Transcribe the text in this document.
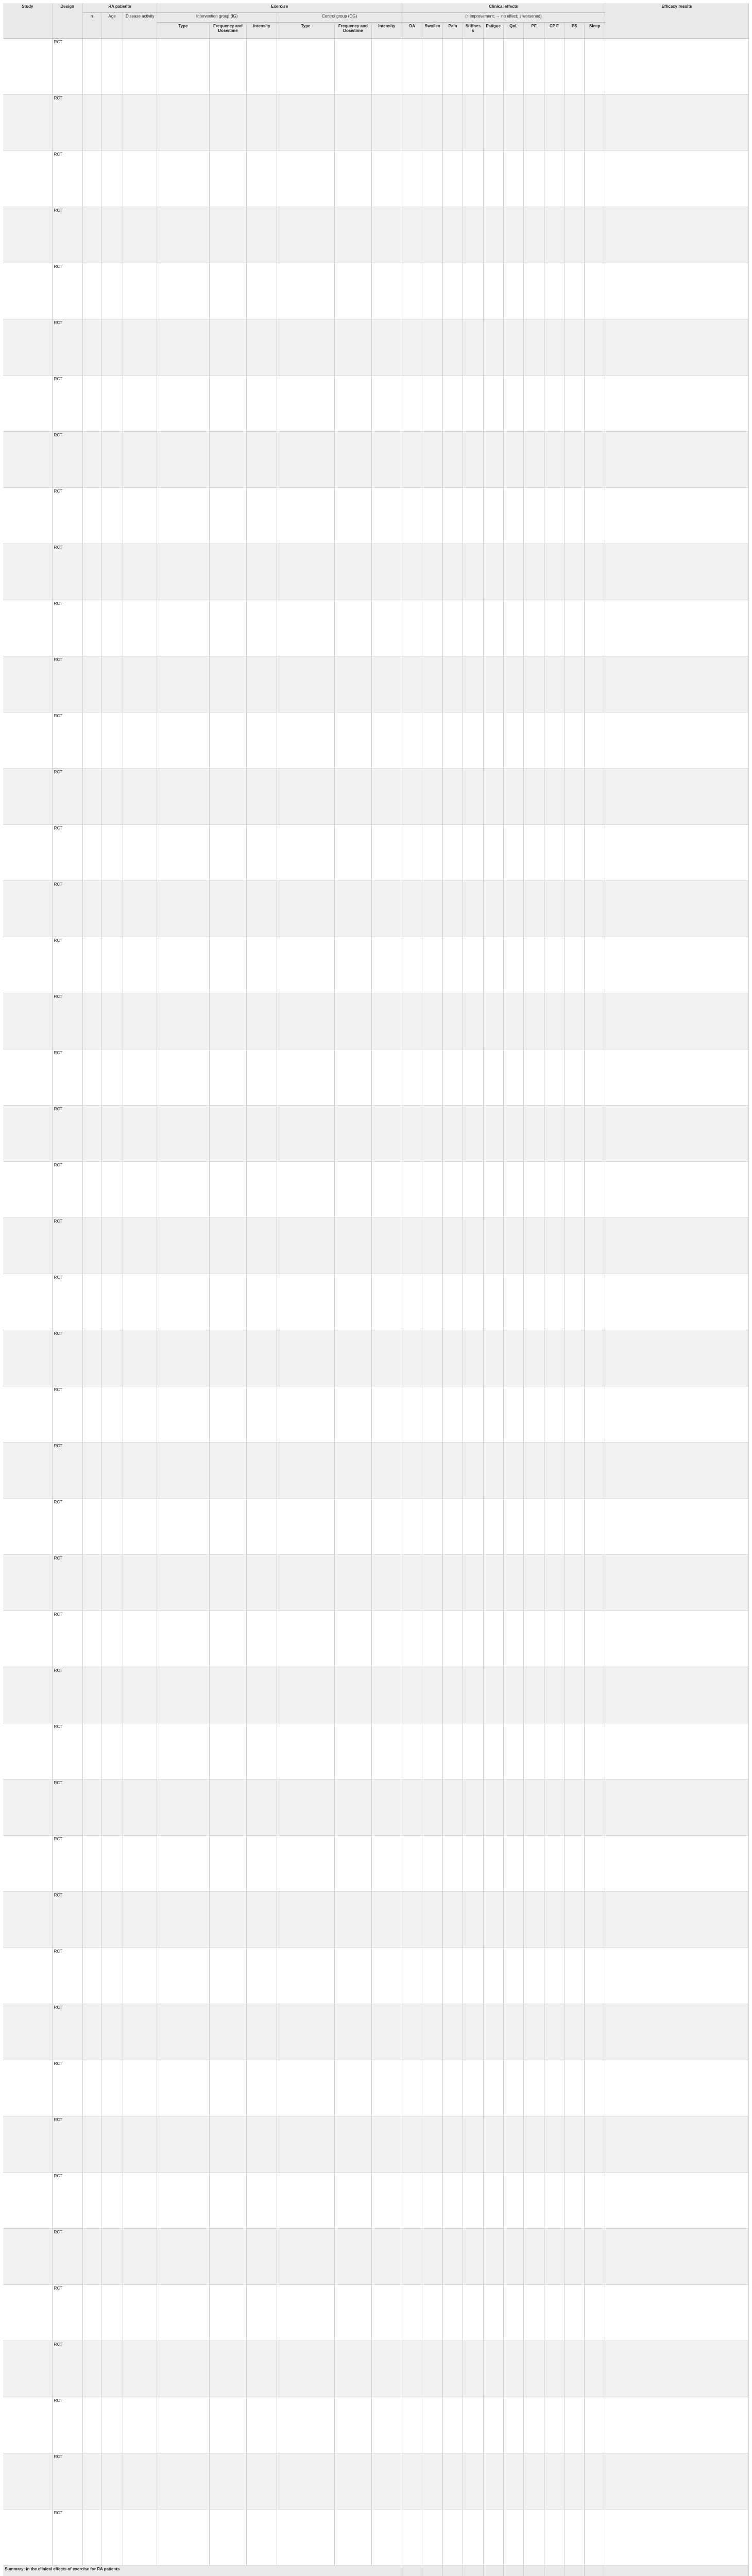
Study	Design	RA patients			Exercise						Clinical effects										Efficacy results
		n	Age	Disease activity	Intervention group (IG)			Control group (CG)			(↑ improvement; → no effect; ↓ worsened)										
					Type	Frequency and Dose/time	Intensity	Type	Frequency and Dose/time	Intensity	DA	Swollen	Pain	Stiffness	Fatigue	QoL	PF	CP F	PS	Sleep	
	RCT																				
	RCT																				
	RCT																				
	RCT																				
	RCT																				
	RCT																				
	RCT																				
	RCT																				
	RCT																				
	RCT																				
	RCT																				
	RCT																				
	RCT																				
	RCT																				
	RCT																				
	RCT																				
	RCT																				
	RCT																				
	RCT																				
	RCT																				
	RCT																				
	RCT																				
	RCT																				
	RCT																				
	RCT																				
	RCT																				
	RCT																				
	RCT																				
	RCT																				
	RCT																				
	RCT																				
	RCT																				
	RCT																				
	RCT																				
	RCT																				
	RCT																				
	RCT																				
	RCT																				
	RCT																				
	RCT																				
	RCT																				
	RCT																				
	RCT																				
	RCT																				
	RCT																				
Summary: in the clinical effects of exercise for RA patients																					
